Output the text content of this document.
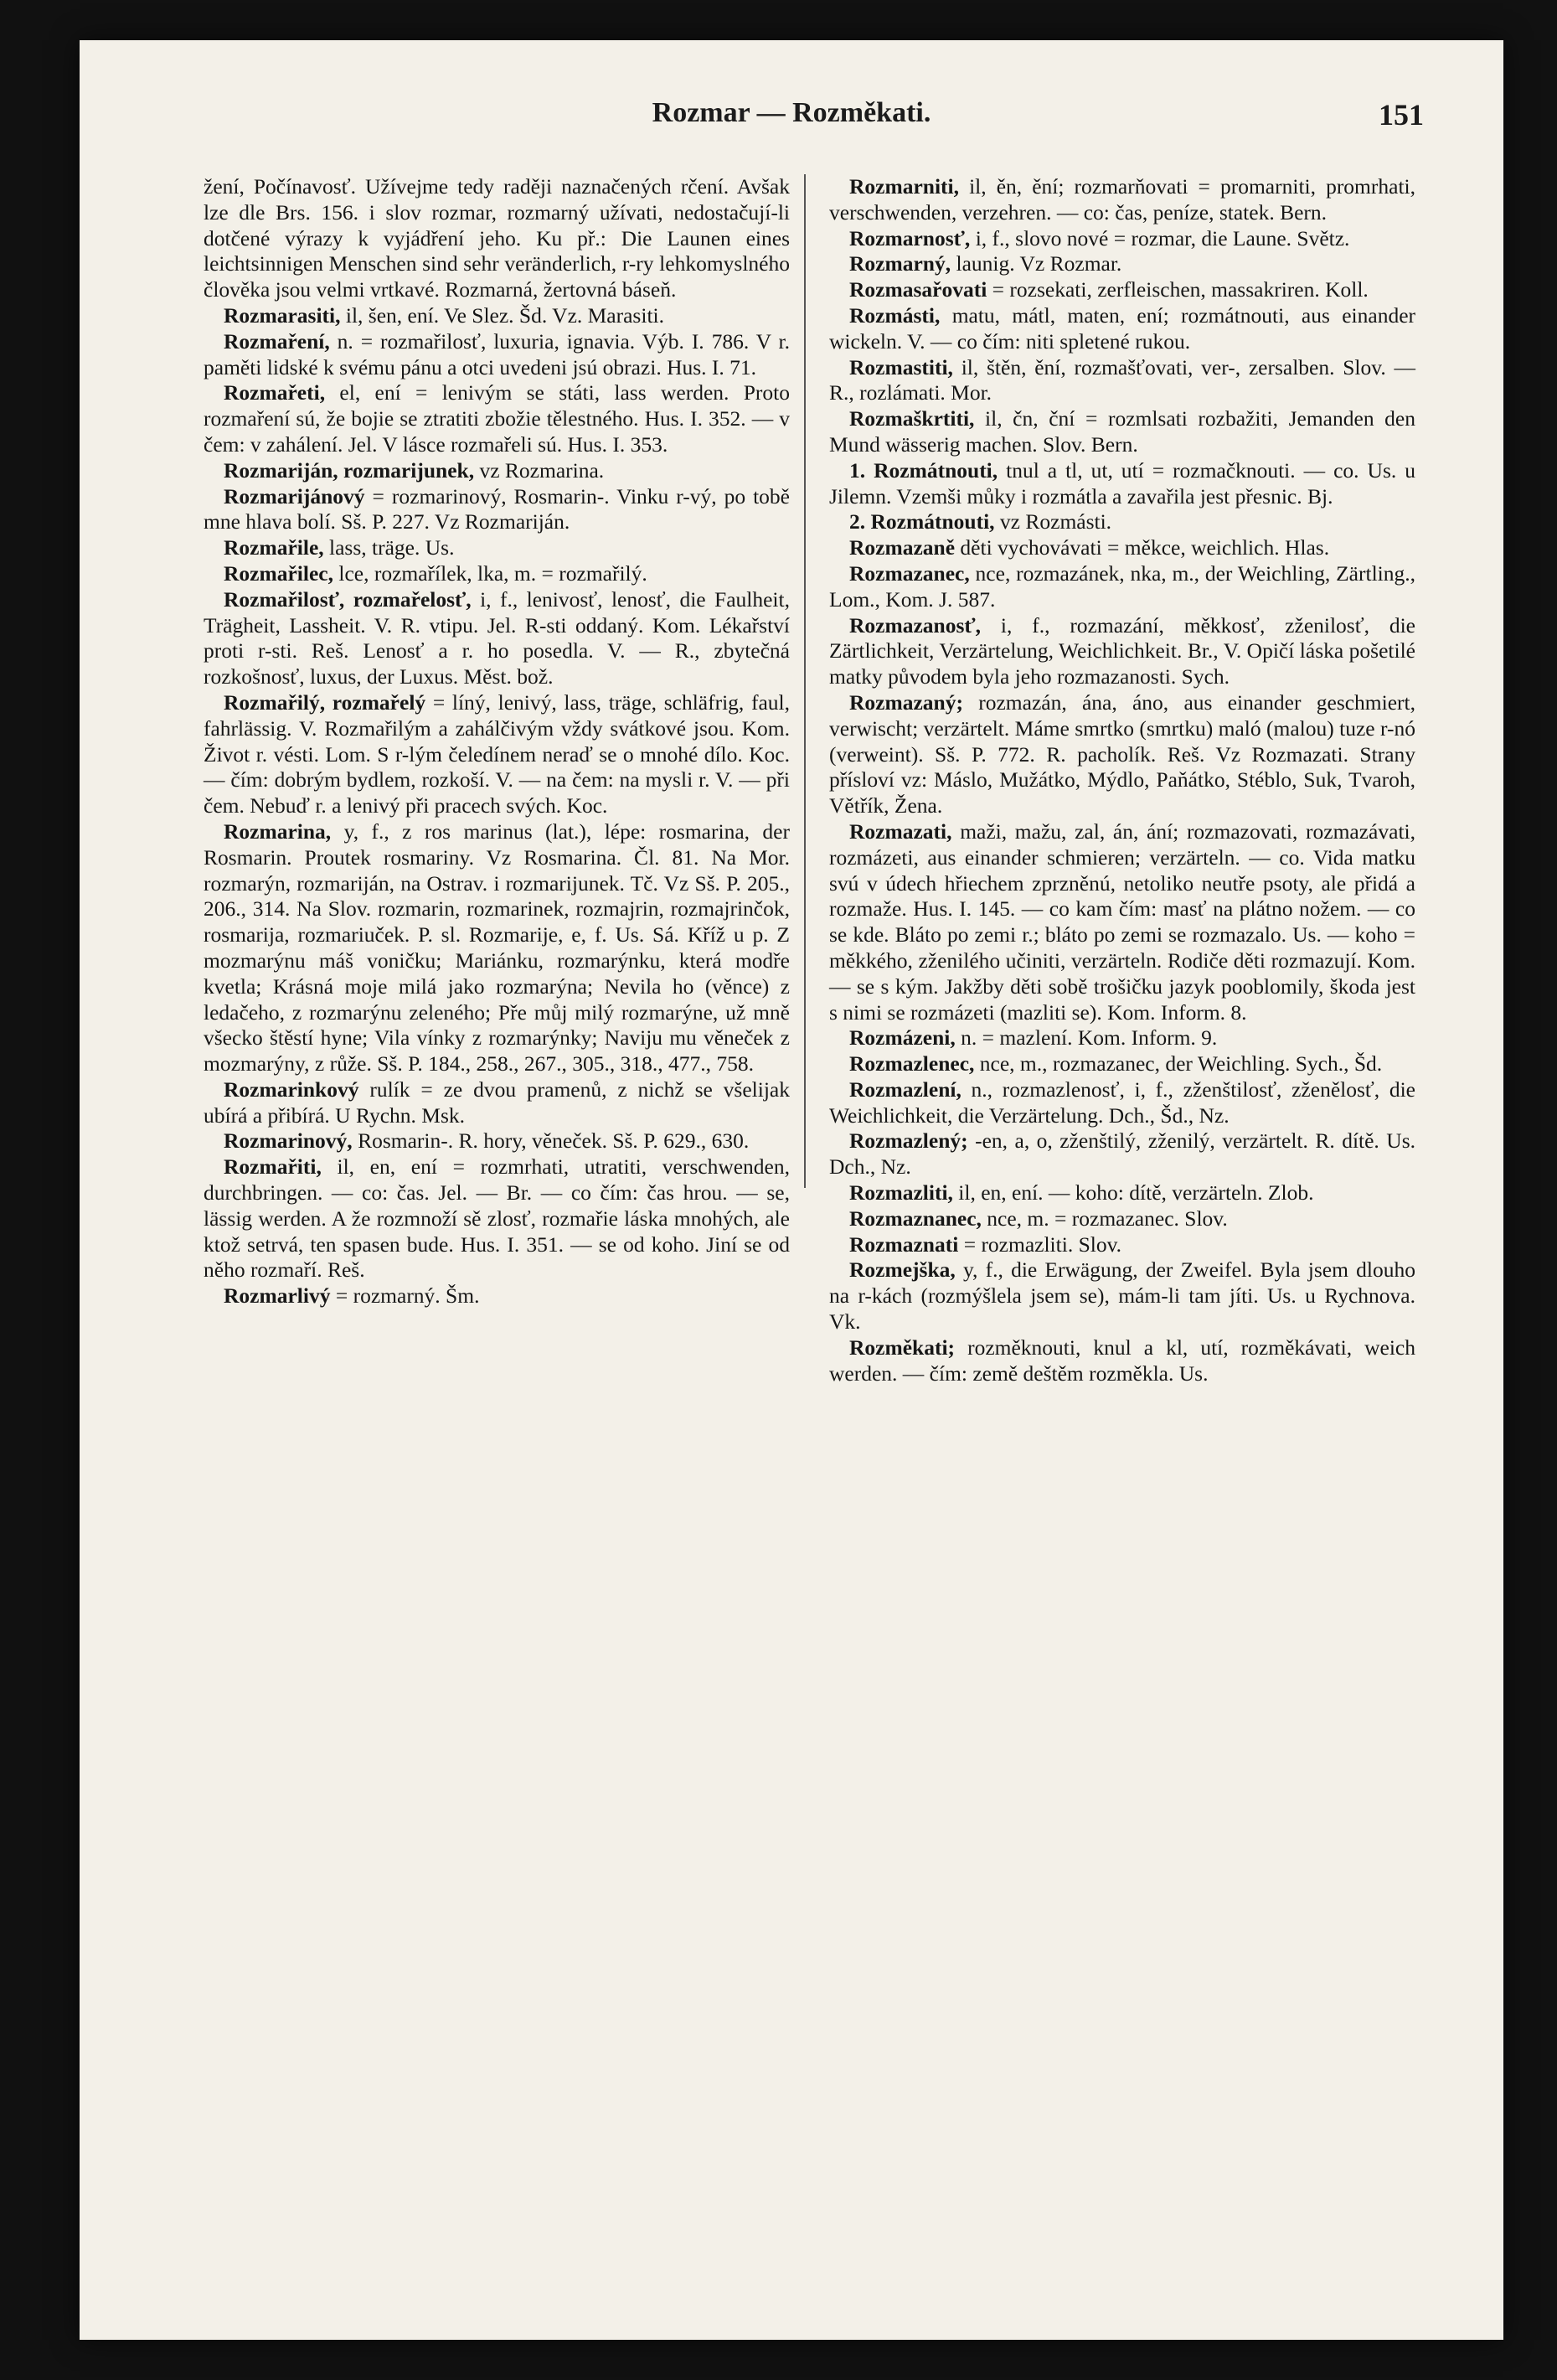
Rozmar — Rozměkati.	151

žení, Počínavosť. Užívejme tedy raději naznačených rčení. Avšak lze dle Brs. 156. i slov rozmar, rozmarný užívati, nedostačují-li dotčené výrazy k vyjádření jeho. Ku př.: Die Launen eines leichtsinnigen Menschen sind sehr veränderlich, r-ry lehkomyslného člověka jsou velmi vrtkavé. Rozmarná, žertovná báseň.

Rozmarasiti, il, šen, ení. Ve Slez. Šd. Vz. Marasiti.

Rozmaření, n. = rozmařilosť, luxuria, ignavia. Výb. I. 786. V r. paměti lidské k svému pánu a otci uvedeni jsú obrazi. Hus. I. 71.

Rozmařeti, el, ení = lenivým se státi, lass werden. Proto rozmaření sú, že bojie se ztratiti zbožie tělestného. Hus. I. 352. — v čem: v zahálení. Jel. V lásce rozmařeli sú. Hus. I. 353.

Rozmariján, rozmarijunek, vz Rozmarina.

Rozmarijánový = rozmarinový, Rosmarin-. Vinku r-vý, po tobě mne hlava bolí. Sš. P. 227. Vz Rozmariján.

Rozmařile, lass, träge. Us.

Rozmařilec, lce, rozmařílek, lka, m. = rozmařilý.

Rozmařilosť, rozmařelosť, i, f., lenivosť, lenosť, die Faulheit, Trägheit, Lassheit. V. R. vtipu. Jel. R-sti oddaný. Kom. Lékařství proti r-sti. Reš. Lenosť a r. ho posedla. V. — R., zbytečná rozkošnosť, luxus, der Luxus. Měst. bož.

Rozmařilý, rozmařelý = líný, lenivý, lass, träge, schläfrig, faul, fahrlässig. V. Rozmařilým a zahálčivým vždy svátkové jsou. Kom. Život r. vésti. Lom. S r-lým čeledínem neraď se o mnohé dílo. Koc. — čím: dobrým bydlem, rozkoší. V. — na čem: na mysli r. V. — při čem. Nebuď r. a lenivý při pracech svých. Koc.

Rozmarina, y, f., z ros marinus (lat.), lépe: rosmarina, der Rosmarin. Proutek rosmariny. Vz Rosmarina. Čl. 81. Na Mor. rozmarýn, rozmariján, na Ostrav. i rozmarijunek. Tč. Vz Sš. P. 205., 206., 314. Na Slov. rozmarin, rozmarinek, rozmajrin, rozmajrinčok, rosmarija, rozmariuček. P. sl. Rozmarije, e, f. Us. Sá. Kříž u p. Z mozmarýnu máš voničku; Mariánku, rozmarýnku, která modře kvetla; Krásná moje milá jako rozmarýna; Nevila ho (věnce) z ledačeho, z rozmarýnu zeleného; Pře můj milý rozmarýne, už mně všecko štěstí hyne; Vila vínky z rozmarýnky; Naviju mu věneček z mozmarýny, z růže. Sš. P. 184., 258., 267., 305., 318., 477., 758.

Rozmarinkový rulík = ze dvou pramenů, z nichž se všelijak ubírá a přibírá. U Rychn. Msk.

Rozmarinový, Rosmarin-. R. hory, věneček. Sš. P. 629., 630.

Rozmařiti, il, en, ení = rozmrhati, utratiti, verschwenden, durchbringen. — co: čas. Jel. — Br. — co čím: čas hrou. — se, lässig werden. A že rozmnoží sě zlosť, rozmařie láska mnohých, ale ktož setrvá, ten spasen bude. Hus. I. 351. — se od koho. Jiní se od něho rozmaří. Reš.

Rozmarlivý = rozmarný. Šm.

Rozmarniti, il, ěn, ění; rozmarňovati = promarniti, promrhati, verschwenden, verzehren. — co: čas, peníze, statek. Bern.

Rozmarnosť, i, f., slovo nové = rozmar, die Laune. Světz.

Rozmarný, launig. Vz Rozmar.

Rozmasařovati = rozsekati, zerfleischen, massakriren. Koll.

Rozmásti, matu, mátl, maten, ení; rozmátnouti, aus einander wickeln. V. — co čím: niti spletené rukou.

Rozmastiti, il, štěn, ění, rozmašťovati, ver-, zersalben. Slov. — R., rozlámati. Mor.

Rozmaškrtiti, il, čn, ční = rozmlsati rozbažiti, Jemanden den Mund wässerig machen. Slov. Bern.

1. Rozmátnouti, tnul a tl, ut, utí = rozmačknouti. — co. Us. u Jilemn. Vzemši můky i rozmátla a zavařila jest přesnic. Bj.

2. Rozmátnouti, vz Rozmásti.

Rozmazaně děti vychovávati = měkce, weichlich. Hlas.

Rozmazanec, nce, rozmazánek, nka, m., der Weichling, Zärtling., Lom., Kom. J. 587.

Rozmazanosť, i, f., rozmazání, měkkosť, zženilosť, die Zärtlichkeit, Verzärtelung, Weichlichkeit. Br., V. Opičí láska pošetilé matky původem byla jeho rozmazanosti. Sych.

Rozmazaný; rozmazán, ána, áno, aus einander geschmiert, verwischt; verzärtelt. Máme smrtko (smrtku) maló (malou) tuze r-nó (verweint). Sš. P. 772. R. pacholík. Reš. Vz Rozmazati. Strany přísloví vz: Máslo, Mužátko, Mýdlo, Paňátko, Stéblo, Suk, Tvaroh, Větřík, Žena.

Rozmazati, maži, mažu, zal, án, ání; rozmazovati, rozmazávati, rozmázeti, aus einander schmieren; verzärteln. — co. Vida matku svú v údech hřiechem zprzněnú, netoliko neutře psoty, ale přidá a rozmaže. Hus. I. 145. — co kam čím: masť na plátno nožem. — co se kde. Bláto po zemi r.; bláto po zemi se rozmazalo. Us. — koho = měkkého, zženilého učiniti, verzärteln. Rodiče děti rozmazují. Kom. — se s kým. Jakžby děti sobě trošičku jazyk pooblomily, škoda jest s nimi se rozmázeti (mazliti se). Kom. Inform. 8.

Rozmázeni, n. = mazlení. Kom. Inform. 9.

Rozmazlenec, nce, m., rozmazanec, der Weichling. Sych., Šd.

Rozmazlení, n., rozmazlenosť, i, f., zženštilosť, zženělosť, die Weichlichkeit, die Verzärtelung. Dch., Šd., Nz.

Rozmazlený; -en, a, o, zženštilý, zženilý, verzärtelt. R. dítě. Us. Dch., Nz.

Rozmazliti, il, en, ení. — koho: dítě, verzärteln. Zlob.

Rozmaznanec, nce, m. = rozmazanec. Slov.

Rozmaznati = rozmazliti. Slov.

Rozmejška, y, f., die Erwägung, der Zweifel. Byla jsem dlouho na r-kách (rozmýšlela jsem se), mám-li tam jíti. Us. u Rychnova. Vk.

Rozměkati; rozměknouti, knul a kl, utí, rozměkávati, weich werden. — čím: země deštěm rozměkla. Us.
